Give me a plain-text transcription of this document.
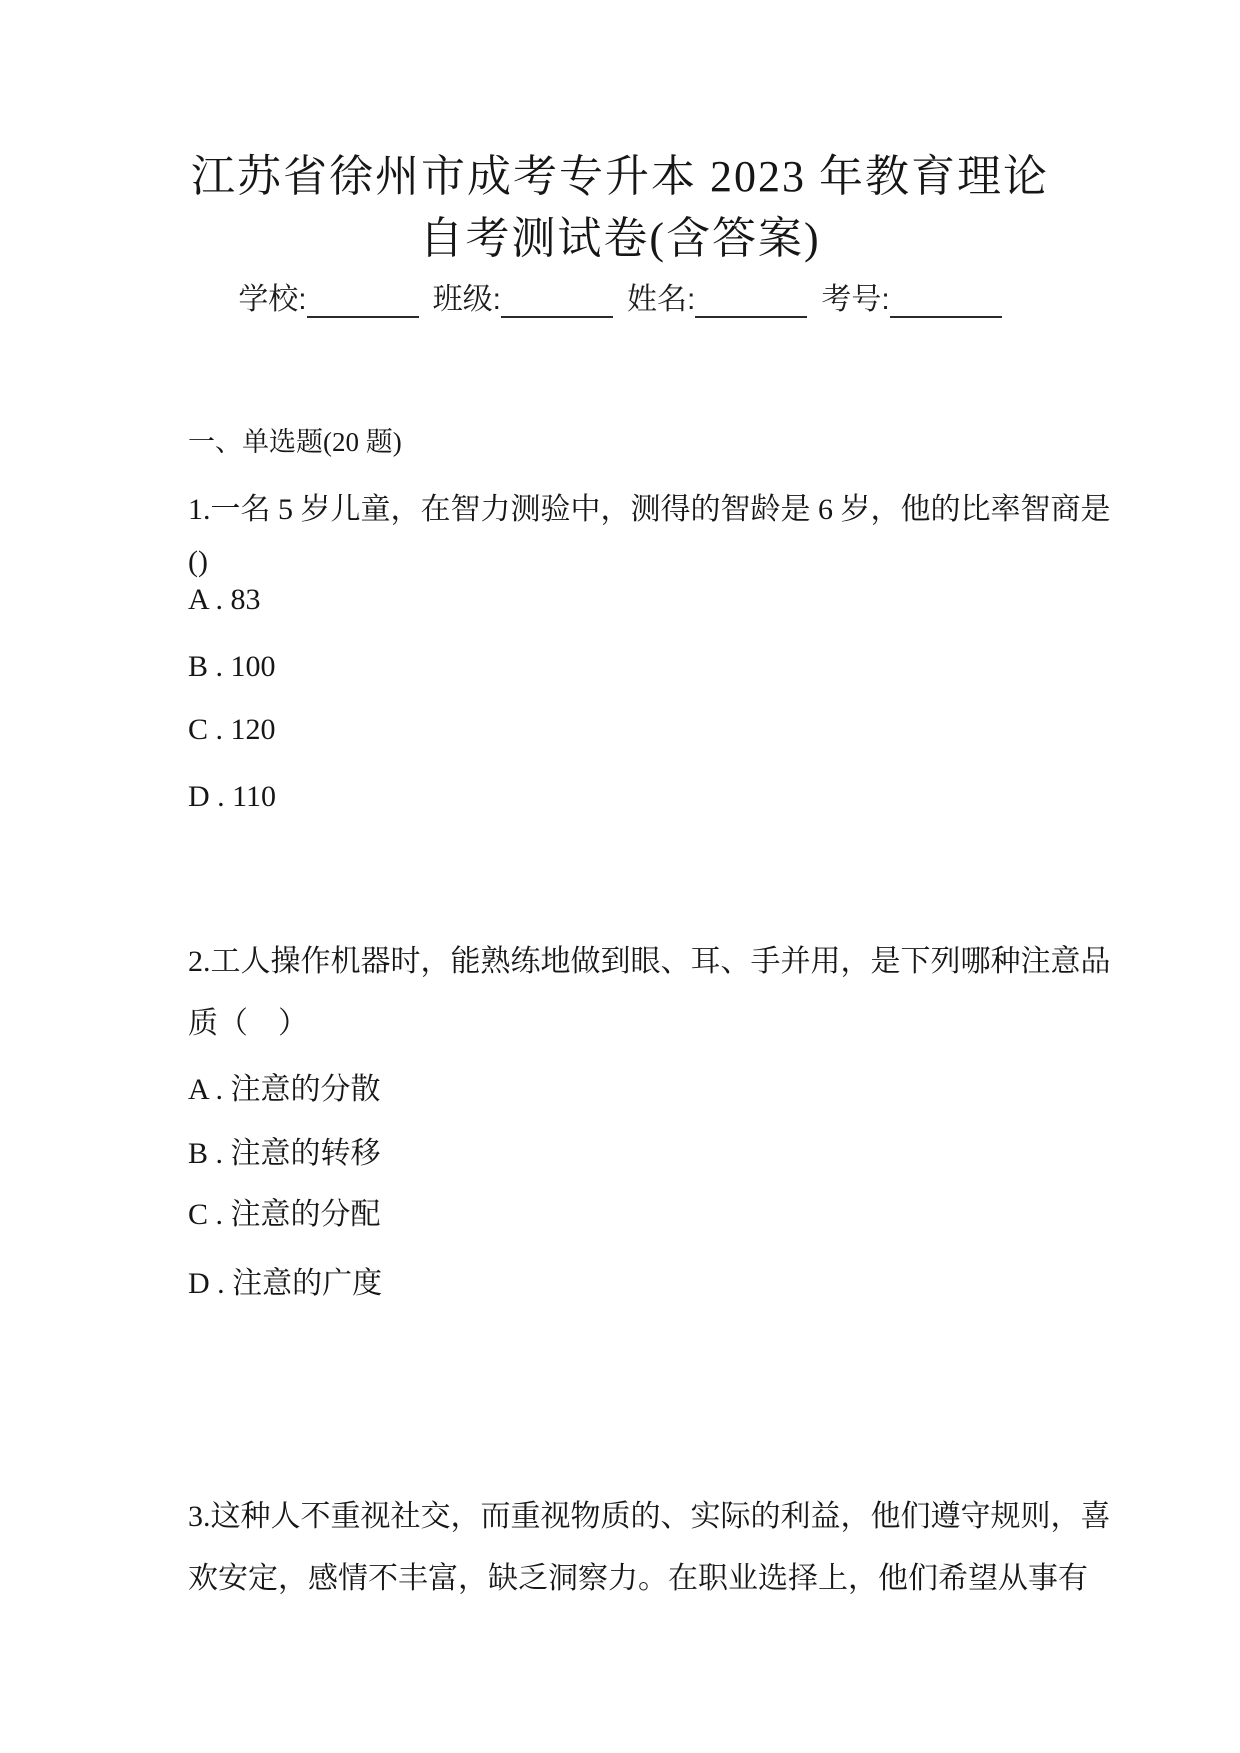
江苏省徐州市成考专升本 2023 年教育理论
自考测试卷(含答案)
学校:	班级:	姓名:	考号:
一、单选题(20 题)
1.一名 5 岁儿童，在智力测验中，测得的智龄是 6 岁，他的比率智商是
()
A . 83
B . 100
C . 120
D . 110
2.工人操作机器时，能熟练地做到眼、耳、手并用，是下列哪种注意品
质（　）
A . 注意的分散
B . 注意的转移
C . 注意的分配
D . 注意的广度
3.这种人不重视社交，而重视物质的、实际的利益，他们遵守规则，喜
欢安定，感情不丰富，缺乏洞察力。在职业选择上，他们希望从事有
